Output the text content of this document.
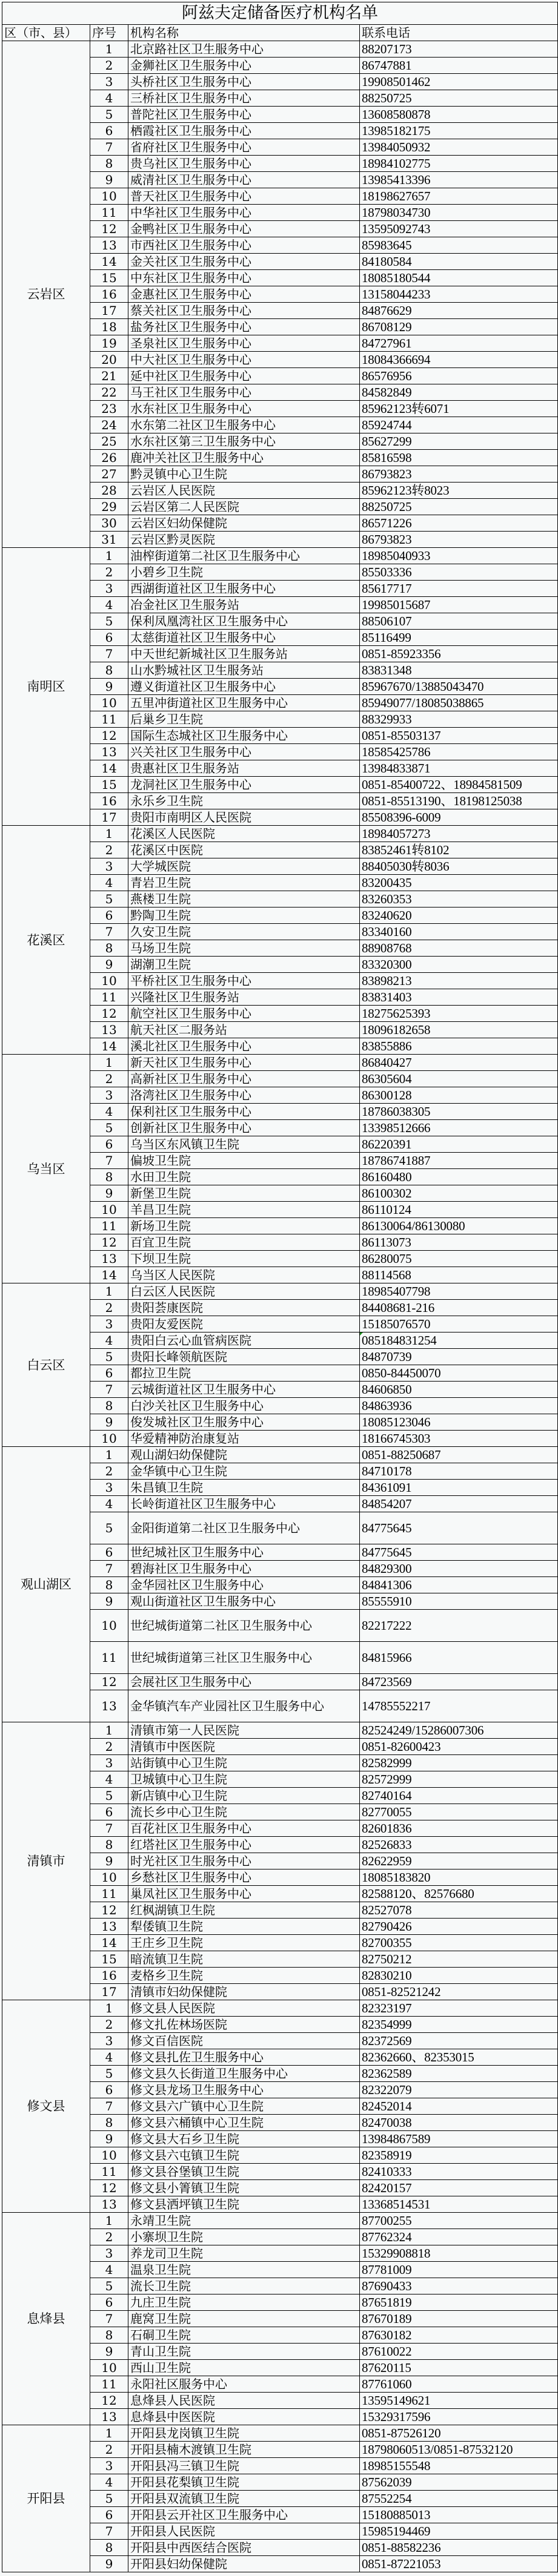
阿兹夫定储备医疗机构名单			
区（市、县）	序号	机构名称	联系电话
云岩区	1	北京路社区卫生服务中心	88207173
	2	金狮社区卫生服务中心	86747881
	3	头桥社区卫生服务中心	19908501462
	4	三桥社区卫生服务中心	88250725
	5	普陀社区卫生服务中心	13608580878
	6	栖霞社区卫生服务中心	13985182175
	7	省府社区卫生服务中心	13984050932
	8	贵乌社区卫生服务中心	18984102775
	9	威清社区卫生服务中心	13985413396
	10	普天社区卫生服务中心	18198627657
	11	中华社区卫生服务中心	18798034730
	12	金鸭社区卫生服务中心	13595092743
	13	市西社区卫生服务中心	85983645
	14	金关社区卫生服务中心	84180584
	15	中东社区卫生服务中心	18085180544
	16	金惠社区卫生服务中心	13158044233
	17	蔡关社区卫生服务中心	84876629
	18	盐务社区卫生服务中心	86708129
	19	圣泉社区卫生服务中心	84727961
	20	中大社区卫生服务中心	18084366694
	21	延中社区卫生服务中心	86576956
	22	马王社区卫生服务中心	84582849
	23	水东社区卫生服务中心	85962123转6071
	24	水东第二社区卫生服务中心	85924744
	25	水东社区第三卫生服务中心	85627299
	26	鹿冲关社区卫生服务中心	85816598
	27	黔灵镇中心卫生院	86793823
	28	云岩区人民医院	85962123转8023
	29	云岩区第二人民医院	88250725
	30	云岩区妇幼保健院	86571226
	31	云岩区黔灵医院	86793823
南明区	1	油榨街道第二社区卫生服务中心	18985040933
	2	小碧乡卫生院	85503336
	3	西湖街道社区卫生服务中心	85617717
	4	冶金社区卫生服务站	19985015687
	5	保利凤凰湾社区卫生服务中心	88506107
	6	太慈街道社区卫生服务中心	85116499
	7	中天世纪新城社区卫生服务站	0851-85923356
	8	山水黔城社区卫生服务站	83831348
	9	遵义街道社区卫生服务中心	85967670/13885043470
	10	五里冲街道社区卫生服务中心	85949077/18085038865
	11	后巢乡卫生院	88329933
	12	国际生态城社区卫生服务中心	0851-85503137
	13	兴关社区卫生服务中心	18585425786
	14	贵惠社区卫生服务站	13984833871
	15	龙洞社区卫生服务中心	0851-85400722、18984581509
	16	永乐乡卫生院	0851-85513190、18198125038
	17	贵阳市南明区人民医院	85508396-6009
花溪区	1	花溪区人民医院	18984057273
	2	花溪区中医院	83852461转8102
	3	大学城医院	88405030转8036
	4	青岩卫生院	83200435
	5	燕楼卫生院	83260353
	6	黔陶卫生院	83240620
	7	久安卫生院	83340160
	8	马场卫生院	88908768
	9	湖潮卫生院	83320300
	10	平桥社区卫生服务中心	83898213
	11	兴隆社区卫生服务站	83831403
	12	航空社区卫生服务中心	18275625393
	13	航天社区二服务站	18096182658
	14	溪北社区卫生服务中心	83855886
乌当区	1	新天社区卫生服务中心	86840427
	2	高新社区卫生服务中心	86305604
	3	洛湾社区卫生服务中心	86300128
	4	保利社区卫生服务中心	18786038305
	5	创新社区卫生服务中心	13398512666
	6	乌当区东风镇卫生院	86220391
	7	偏坡卫生院	18786741887
	8	水田卫生院	86160480
	9	新堡卫生院	86100302
	10	羊昌卫生院	86110124
	11	新场卫生院	86130064/86130080
	12	百宜卫生院	86113073
	13	下坝卫生院	86280075
	14	乌当区人民医院	88114568
白云区	1	白云区人民医院	18985407798
	2	贵阳荟康医院	84408681-216
	3	贵阳友爱医院	15185076570
	4	贵阳白云心血管病医院	085184831254
	5	贵阳长峰领航医院	84870739
	6	都拉卫生院	0850-84450070
	7	云城街道社区卫生服务中心	84606850
	8	白沙关社区卫生服务中心	84863936
	9	俊发城社区卫生服务中心	18085123046
	10	华爱精神防治康复站	18166745303
观山湖区	1	观山湖妇幼保健院	0851-88250687
	2	金华镇中心卫生院	84710178
	3	朱昌镇卫生院	84361091
	4	长岭街道社区卫生服务中心	84854207
	5	金阳街道第二社区卫生服务中心	84775645
	6	世纪城社区卫生服务中心	84775645
	7	碧海社区卫生服务中心	84829300
	8	金华园社区卫生服务中心	84841306
	9	观山街道社区卫生服务中心	85555910
	10	世纪城街道第二社区卫生服务中心	82217222
	11	世纪城街道第三社区卫生服务中心	84815966
	12	会展社区卫生服务中心	84723569
	13	金华镇汽车产业园社区卫生服务中心	14785552217
清镇市	1	清镇市第一人民医院	82524249/15286007306
	2	清镇市中医医院	0851-82600423
	3	站街镇中心卫生院	82582999
	4	卫城镇中心卫生院	82572999
	5	新店镇中心卫生院	82740164
	6	流长乡中心卫生院	82770055
	7	百花社区卫生服务中心	82601836
	8	红塔社区卫生服务中心	82526833
	9	时光社区卫生服务中心	82622959
	10	乡愁社区卫生服务中心	18085183820
	11	巢凤社区卫生服务中心	82588120、82576680
	12	红枫湖镇卫生院	82527078
	13	犁倭镇卫生院	82790426
	14	王庄乡卫生院	82700355
	15	暗流镇卫生院	82750212
	16	麦格乡卫生院	82830210
	17	清镇市妇幼保健院	0851-82521242
修文县	1	修文县人民医院	82323197
	2	修文扎佐林场医院	82354999
	3	修文百信医院	82372569
	4	修文县扎佐卫生服务中心	82362660、82353015
	5	修文县久长街道卫生服务中心	82362589
	6	修文县龙场卫生服务中心	82322079
	7	修文县六广镇中心卫生院	82452014
	8	修文县六桶镇中心卫生院	82470038
	9	修文县大石乡卫生院	13984867589
	10	修文县六屯镇卫生院	82358919
	11	修文县谷堡镇卫生院	82410333
	12	修文县小箐镇卫生院	82420157
	13	修文县洒坪镇卫生院	13368514531
息烽县	1	永靖卫生院	87700255
	2	小寨坝卫生院	87762324
	3	养龙司卫生院	15329908818
	4	温泉卫生院	87781009
	5	流长卫生院	87690433
	6	九庄卫生院	87651819
	7	鹿窝卫生院	87670189
	8	石硐卫生院	87630182
	9	青山卫生院	87610022
	10	西山卫生院	87620115
	11	永阳社区服务中心	87761060
	12	息烽县人民医院	13595149621
	13	息烽县中医医院	15329317596
开阳县	1	开阳县龙岗镇卫生院	0851-87526120
	2	开阳县楠木渡镇卫生院	18798060513/0851-87532120
	3	开阳县冯三镇卫生院	18985155548
	4	开阳县花梨镇卫生院	87562039
	5	开阳县双流镇卫生院	87552254
	6	开阳县云开社区卫生服务中心	15180885013
	7	开阳县人民医院	15985194469
	8	开阳县中西医结合医院	0851-88582236
	9	开阳县妇幼保健院	0851-87221053
